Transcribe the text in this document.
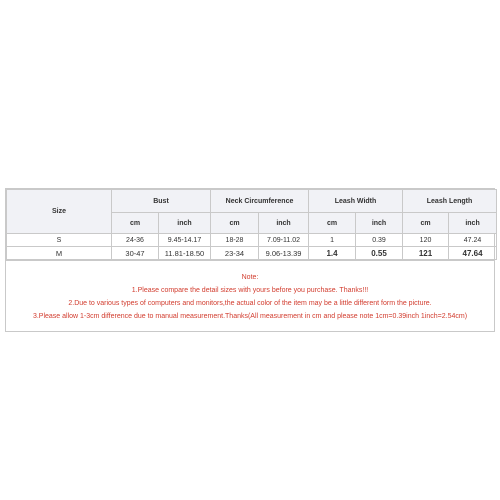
Size	Bust		Neck Circumference		Leash Width		Leash Length	
	cm	inch	cm	inch	cm	inch	cm	inch
S	24-36	9.45-14.17	18-28	7.09-11.02	1	0.39	120	47.24
M	30-47	11.81-18.50	23-34	9.06-13.39	1.4	0.55	121	47.64
Note:
1.Please compare the detail sizes with yours before you purchase. Thanks!!!
2.Due to various types of computers and monitors,the actual color of the item may be a little different form the picture.
3.Please allow 1-3cm difference due to manual measurement.Thanks(All measurement in cm and please note 1cm=0.39inch 1inch=2.54cm)
